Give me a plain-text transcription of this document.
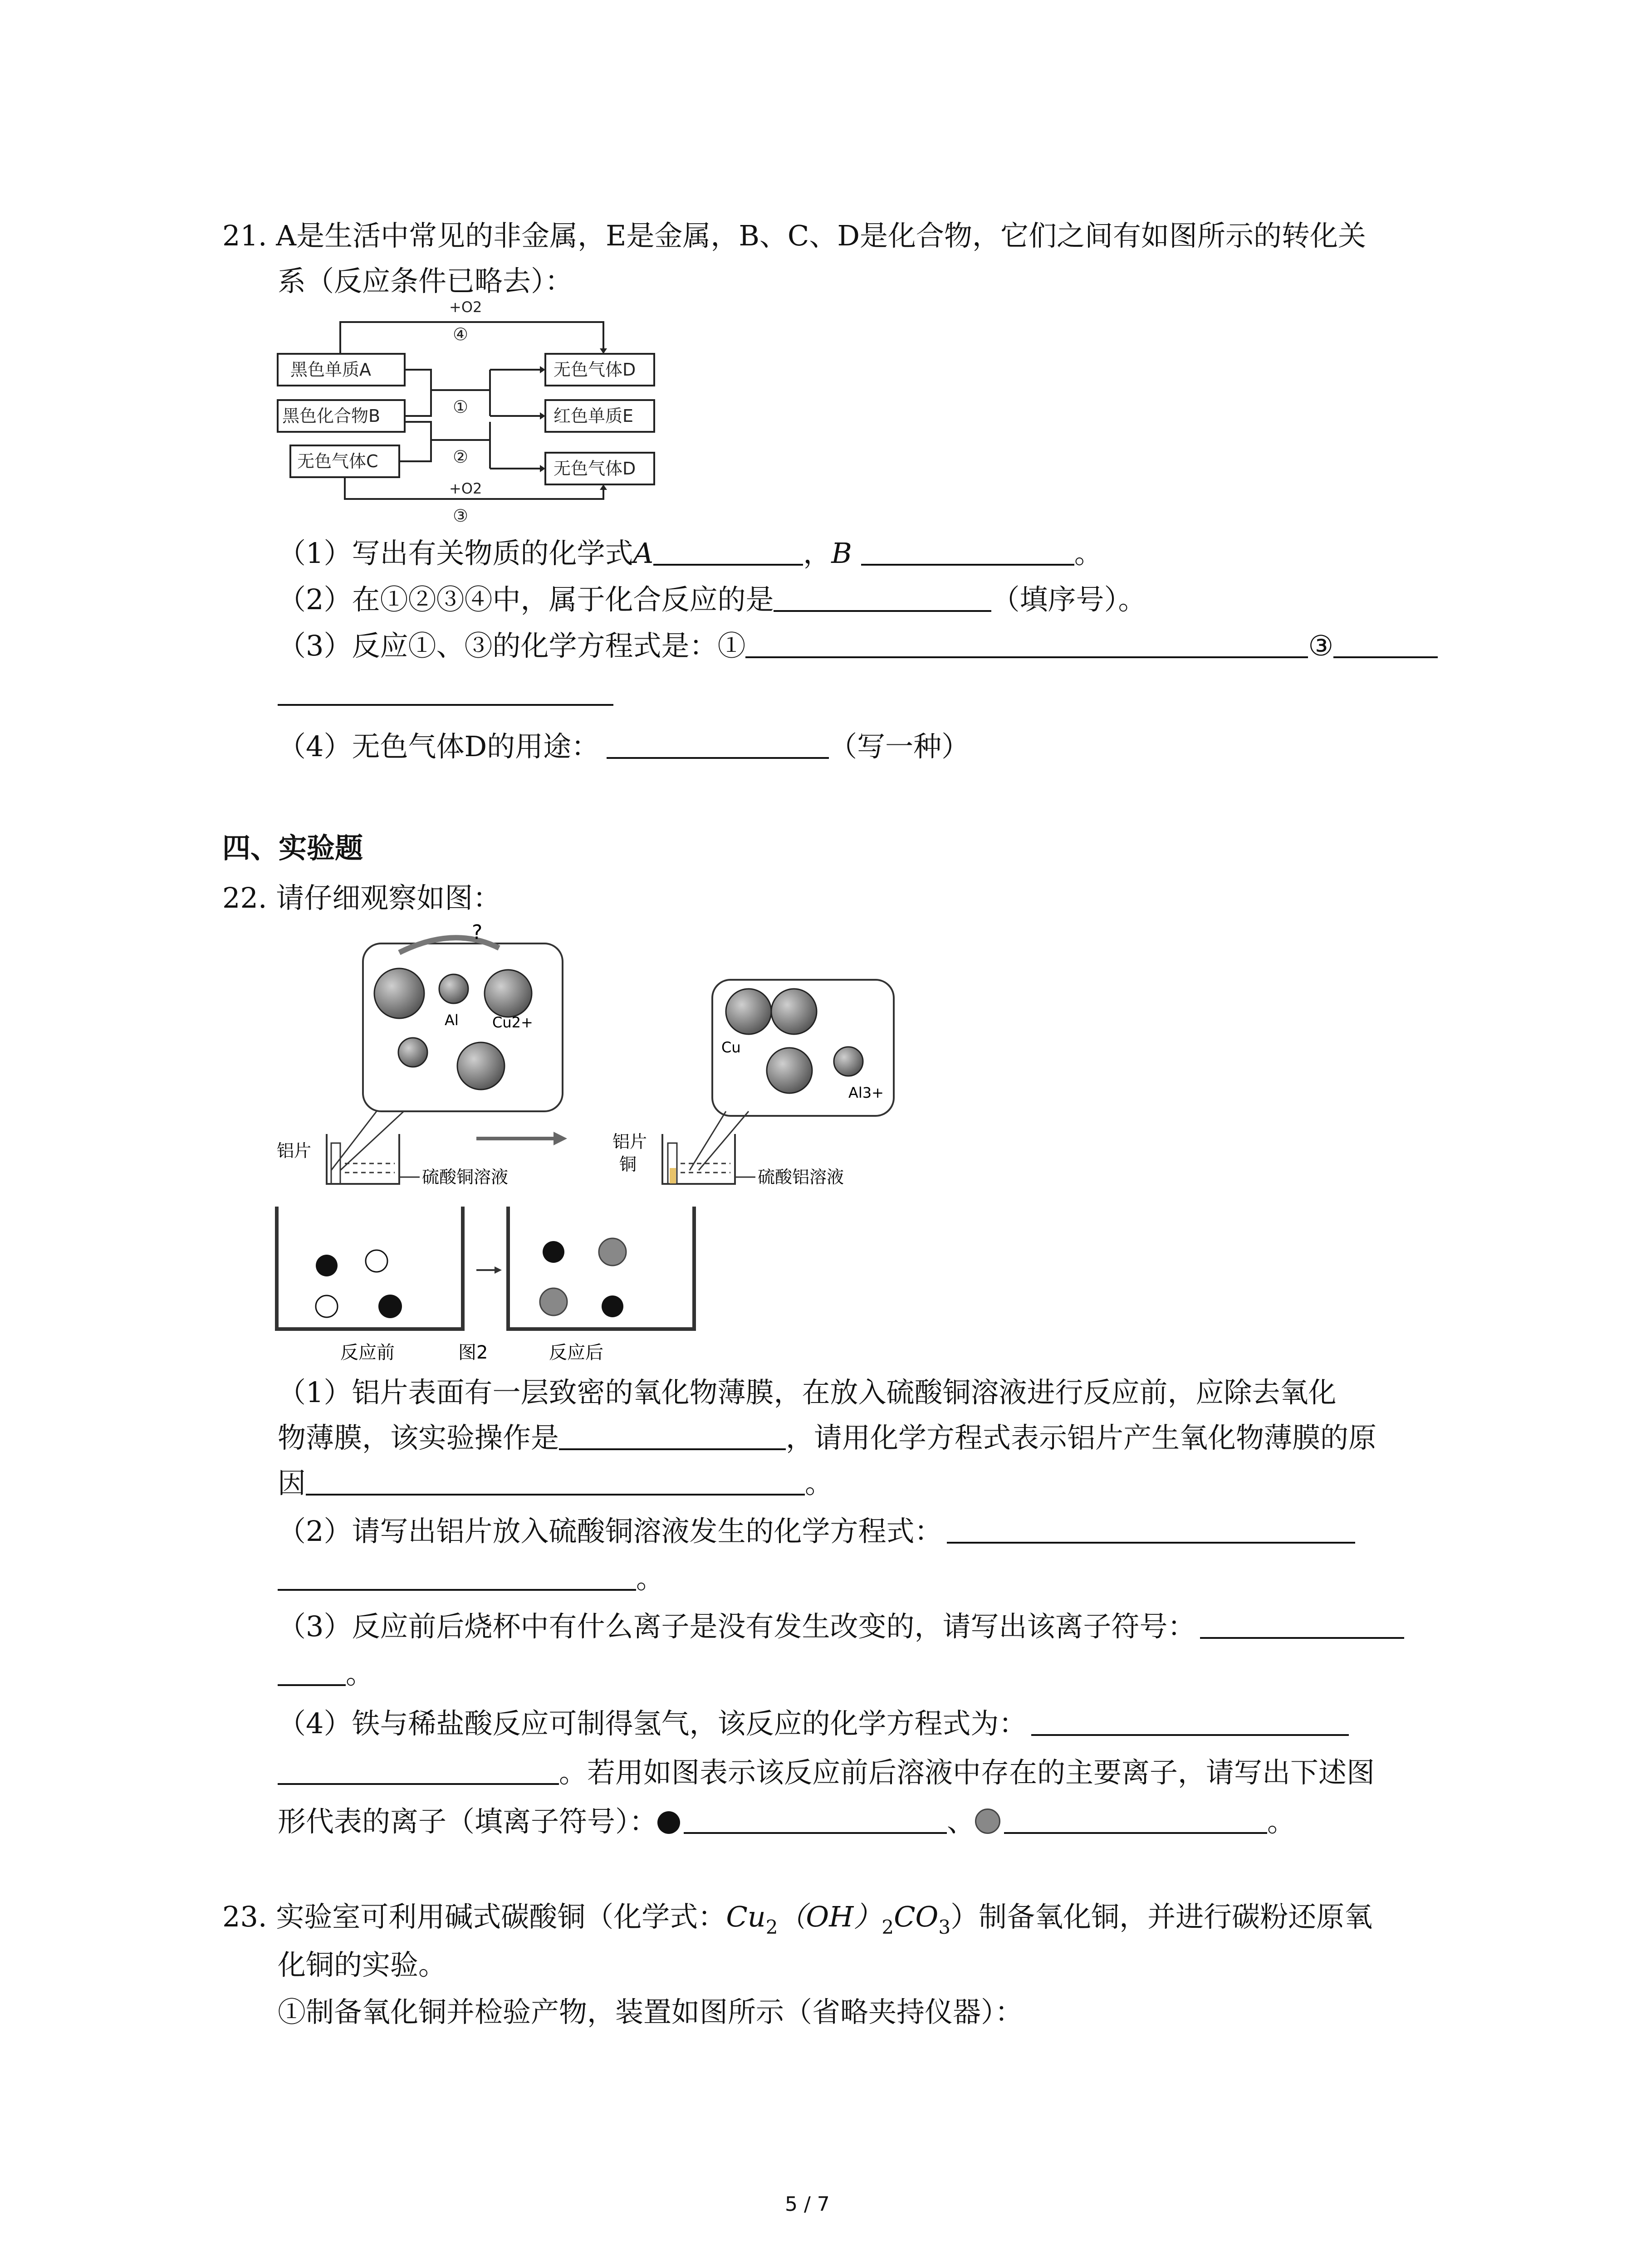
21. A是生活中常见的非金属，E是金属，B、C、D是化合物，它们之间有如图所示的转化关
系（反应条件已略去）：
黑色单质A
黑色化合物B
无色气体C
无色气体D
红色单质E
无色气体D
+O2
④
①
②
+O2
③
（1）写出有关物质的化学式A	，B	。
（2）在①②③④中，属于化合反应的是	（填序号）。
（3）反应①、③的化学方程式是：①	③
（4）无色气体D的用途：	（写一种）
四、实验题
22. 请仔细观察如图：
?
Al Cu2+
铝片
硫酸铜溶液
Cu
Al3+
铝片
铜
硫酸铝溶液
反应前	图2	反应后
（1）铝片表面有一层致密的氧化物薄膜，在放入硫酸铜溶液进行反应前，应除去氧化
物薄膜，该实验操作是	，请用化学方程式表示铝片产生氧化物薄膜的原
因	。
（2）请写出铝片放入硫酸铜溶液发生的化学方程式：
。
（3）反应前后烧杯中有什么离子是没有发生改变的，请写出该离子符号：
。
（4）铁与稀盐酸反应可制得氢气，该反应的化学方程式为：
。若用如图表示该反应前后溶液中存在的主要离子，请写出下述图
形代表的离子（填离子符号）：	、	。
23. 实验室可利用碱式碳酸铜（化学式：$Cu_2(OH)_2CO_3$）制备氧化铜，并进行碳粉还原氧
化铜的实验。
①制备氧化铜并检验产物，装置如图所示（省略夹持仪器）：
5 / 7
